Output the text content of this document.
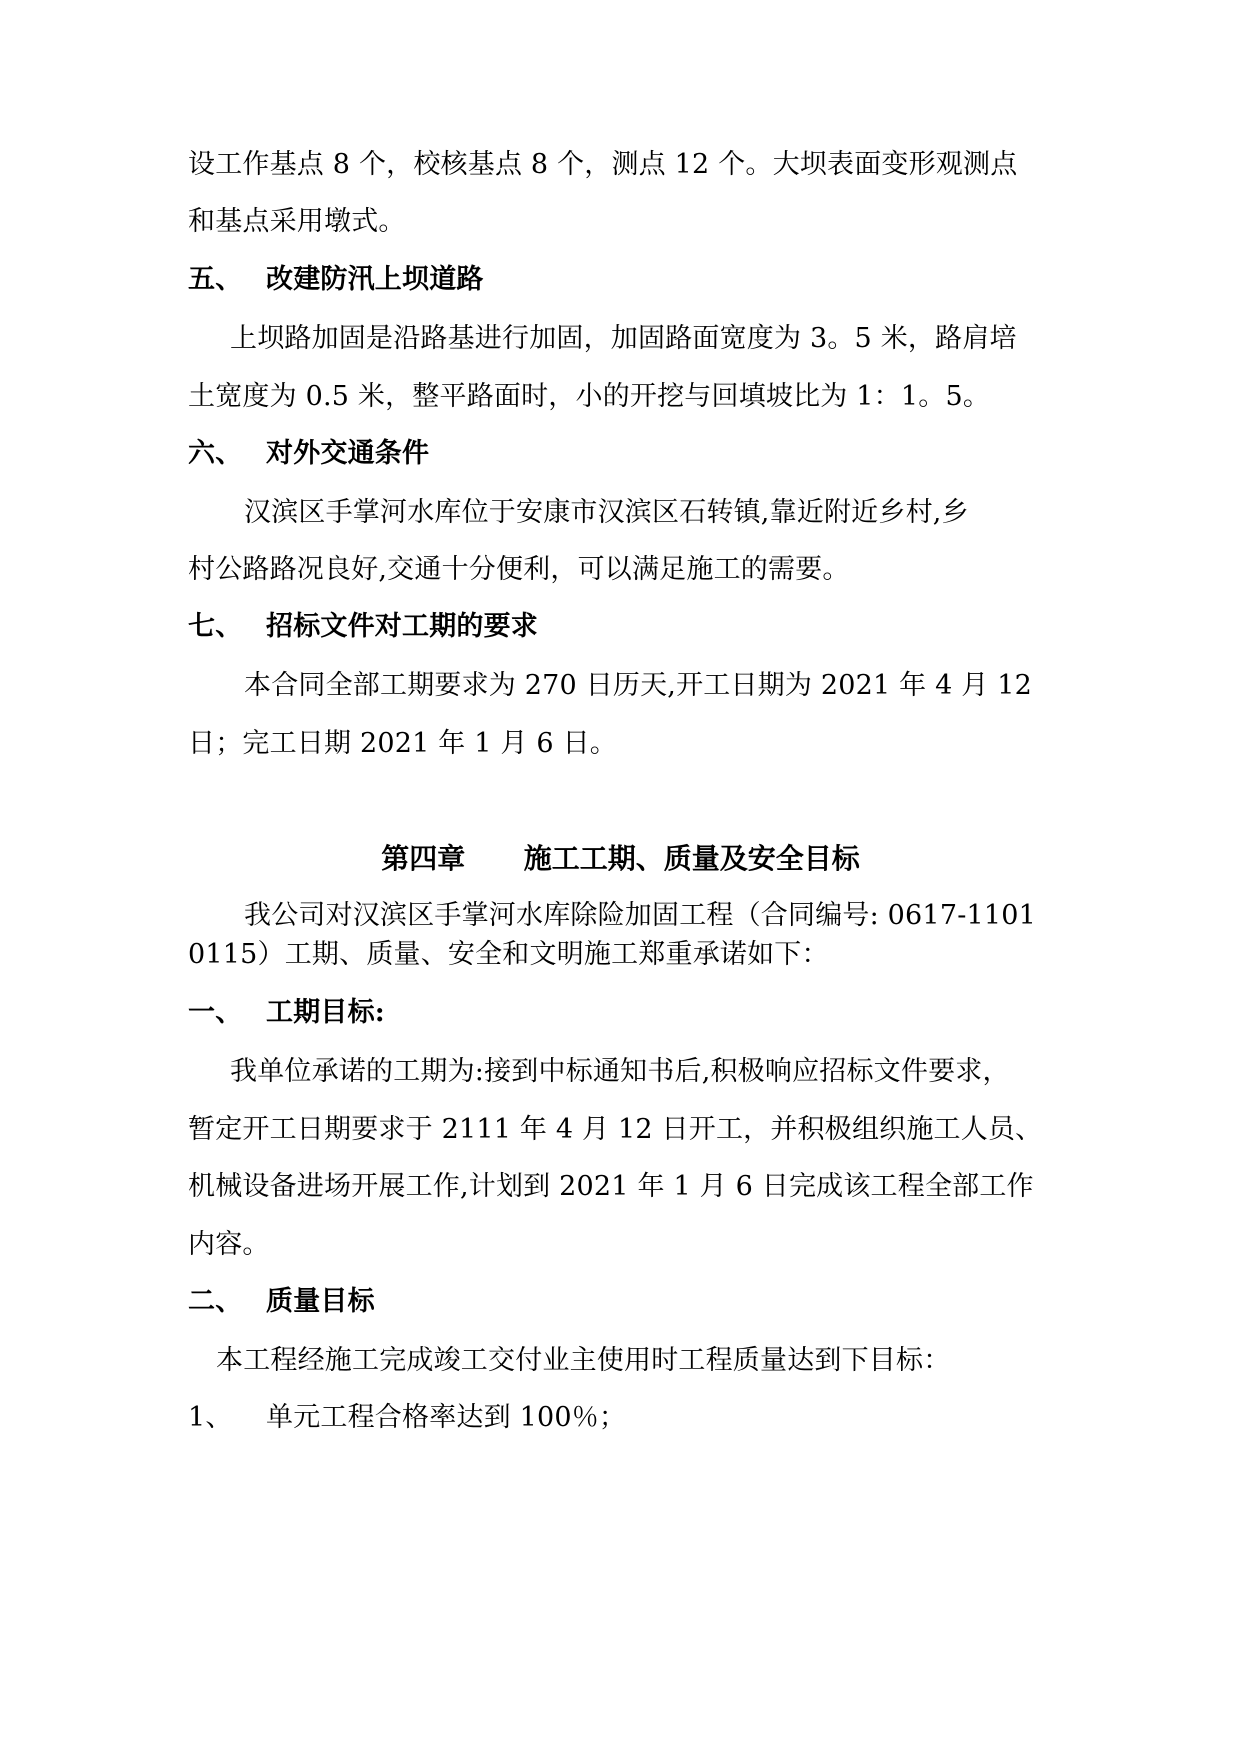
设工作基点 8 个，校核基点 8 个，测点 12 个。大坝表面变形观测点
和基点采用墩式。
五、 改建防汛上坝道路
上坝路加固是沿路基进行加固，加固路面宽度为 3。5 米，路肩培
土宽度为 0.5 米，整平路面时，小的开挖与回填坡比为 1：1。5。
六、 对外交通条件
汉滨区手掌河水库位于安康市汉滨区石转镇,靠近附近乡村,乡
村公路路况良好,交通十分便利，可以满足施工的需要。
七、 招标文件对工期的要求
本合同全部工期要求为 270 日历天,开工日期为 2021 年 4 月 12
日；完工日期 2021 年 1 月 6 日。
第四章      施工工期、质量及安全目标
我公司对汉滨区手掌河水库除险加固工程（合同编号: 0617-1101
0115）工期、质量、安全和文明施工郑重承诺如下：
一、 工期目标:
我单位承诺的工期为:接到中标通知书后,积极响应招标文件要求，
暂定开工日期要求于 2111 年 4 月 12 日开工，并积极组织施工人员、
机械设备进场开展工作,计划到 2021 年 1 月 6 日完成该工程全部工作
内容。
二、 质量目标
本工程经施工完成竣工交付业主使用时工程质量达到下目标：
1、 单元工程合格率达到 100％；
